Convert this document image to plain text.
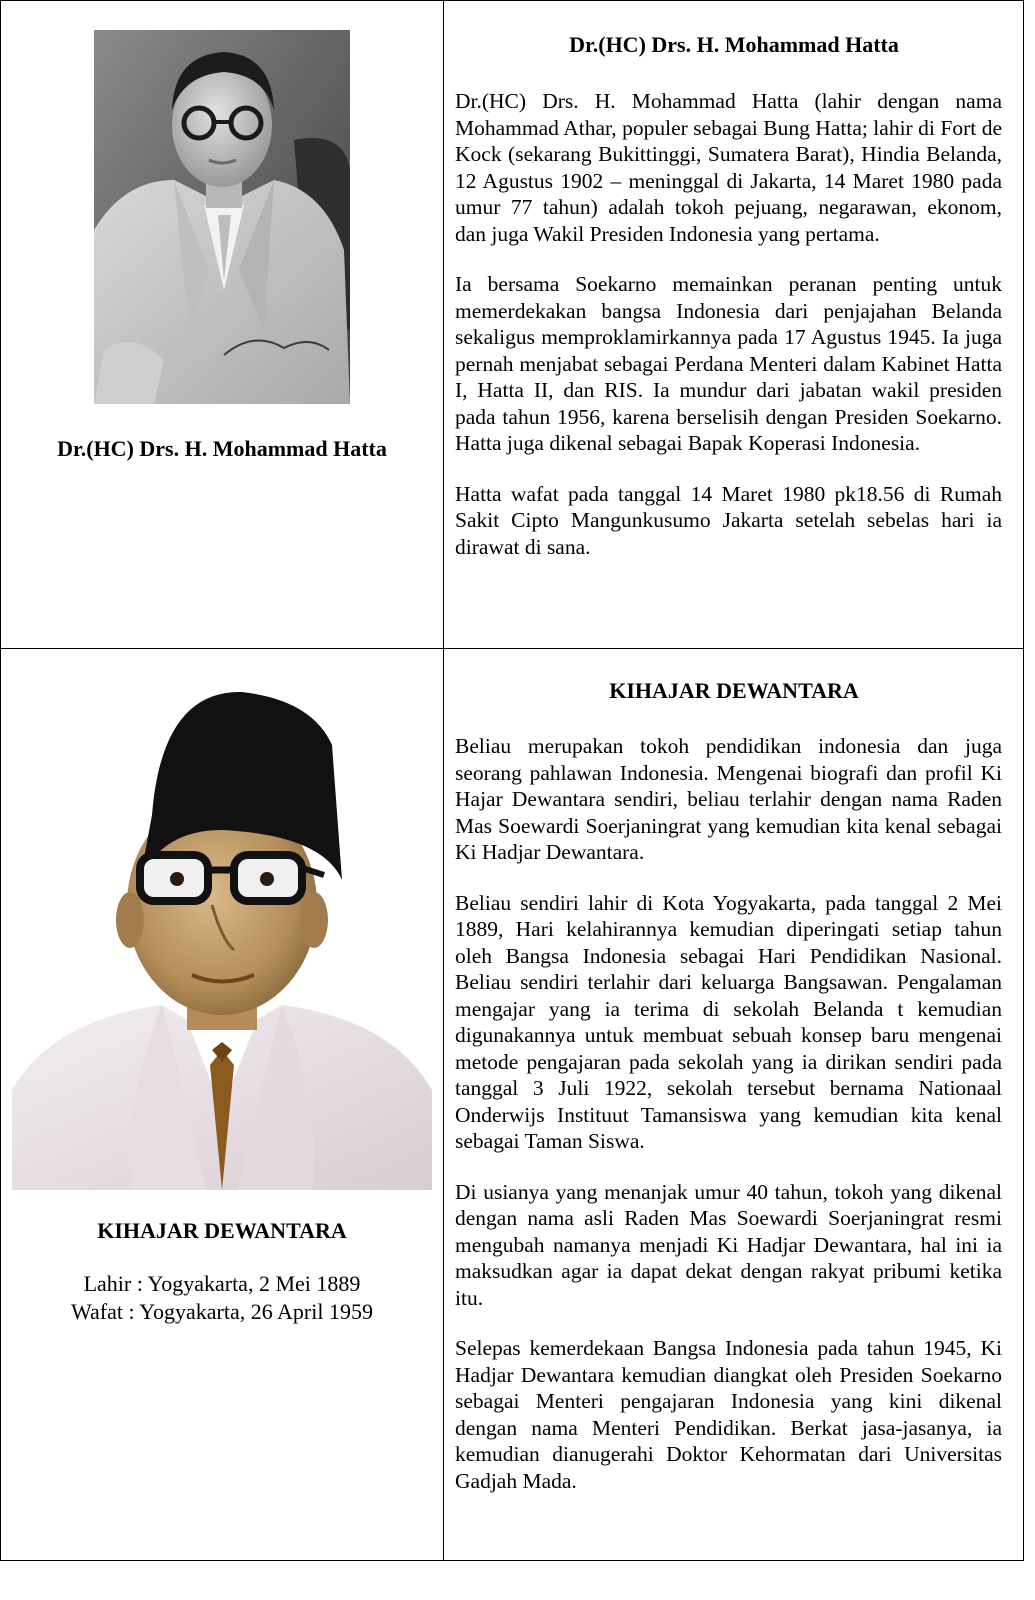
Dr.(HC) Drs. H. Mohammad Hatta
Dr.(HC) Drs. H. Mohammad Hatta

Dr.(HC) Drs. H. Mohammad Hatta (lahir dengan nama Mohammad Athar, populer sebagai Bung Hatta; lahir di Fort de Kock (sekarang Bukittinggi, Sumatera Barat), Hindia Belanda, 12 Agustus 1902 – meninggal di Jakarta, 14 Maret 1980 pada umur 77 tahun) adalah tokoh pejuang, negarawan, ekonom, dan juga Wakil Presiden Indonesia yang pertama.

Ia bersama Soekarno memainkan peranan penting untuk memerdekakan bangsa Indonesia dari penjajahan Belanda sekaligus memproklamirkannya pada 17 Agustus 1945. Ia juga pernah menjabat sebagai Perdana Menteri dalam Kabinet Hatta I, Hatta II, dan RIS. Ia mundur dari jabatan wakil presiden pada tahun 1956, karena berselisih dengan Presiden Soekarno. Hatta juga dikenal sebagai Bapak Koperasi Indonesia.

Hatta wafat pada tanggal 14 Maret 1980 pk18.56 di Rumah Sakit Cipto Mangunkusumo Jakarta setelah sebelas hari ia dirawat di sana.

KIHAJAR DEWANTARA
Lahir : Yogyakarta, 2 Mei 1889
Wafat : Yogyakarta, 26 April 1959
KIHAJAR DEWANTARA

Beliau merupakan tokoh pendidikan indonesia dan juga seorang pahlawan Indonesia. Mengenai biografi dan profil Ki Hajar Dewantara sendiri, beliau terlahir dengan nama Raden Mas Soewardi Soerjaningrat yang kemudian kita kenal sebagai Ki Hadjar Dewantara.

Beliau sendiri lahir di Kota Yogyakarta, pada tanggal 2 Mei 1889, Hari kelahirannya kemudian diperingati setiap tahun oleh Bangsa Indonesia sebagai Hari Pendidikan Nasional. Beliau sendiri terlahir dari keluarga Bangsawan. Pengalaman mengajar yang ia terima di sekolah Belanda t kemudian digunakannya untuk membuat sebuah konsep baru mengenai metode pengajaran pada sekolah yang ia dirikan sendiri pada tanggal 3 Juli 1922, sekolah tersebut bernama Nationaal Onderwijs Instituut Tamansiswa yang kemudian kita kenal sebagai Taman Siswa.

Di usianya yang menanjak umur 40 tahun, tokoh yang dikenal dengan nama asli Raden Mas Soewardi Soerjaningrat resmi mengubah namanya menjadi Ki Hadjar Dewantara, hal ini ia maksudkan agar ia dapat dekat dengan rakyat pribumi ketika itu.

Selepas kemerdekaan Bangsa Indonesia pada tahun 1945, Ki Hadjar Dewantara kemudian diangkat oleh Presiden Soekarno sebagai Menteri pengajaran Indonesia yang kini dikenal dengan nama Menteri Pendidikan. Berkat jasa-jasanya, ia kemudian dianugerahi Doktor Kehormatan dari Universitas Gadjah Mada.
